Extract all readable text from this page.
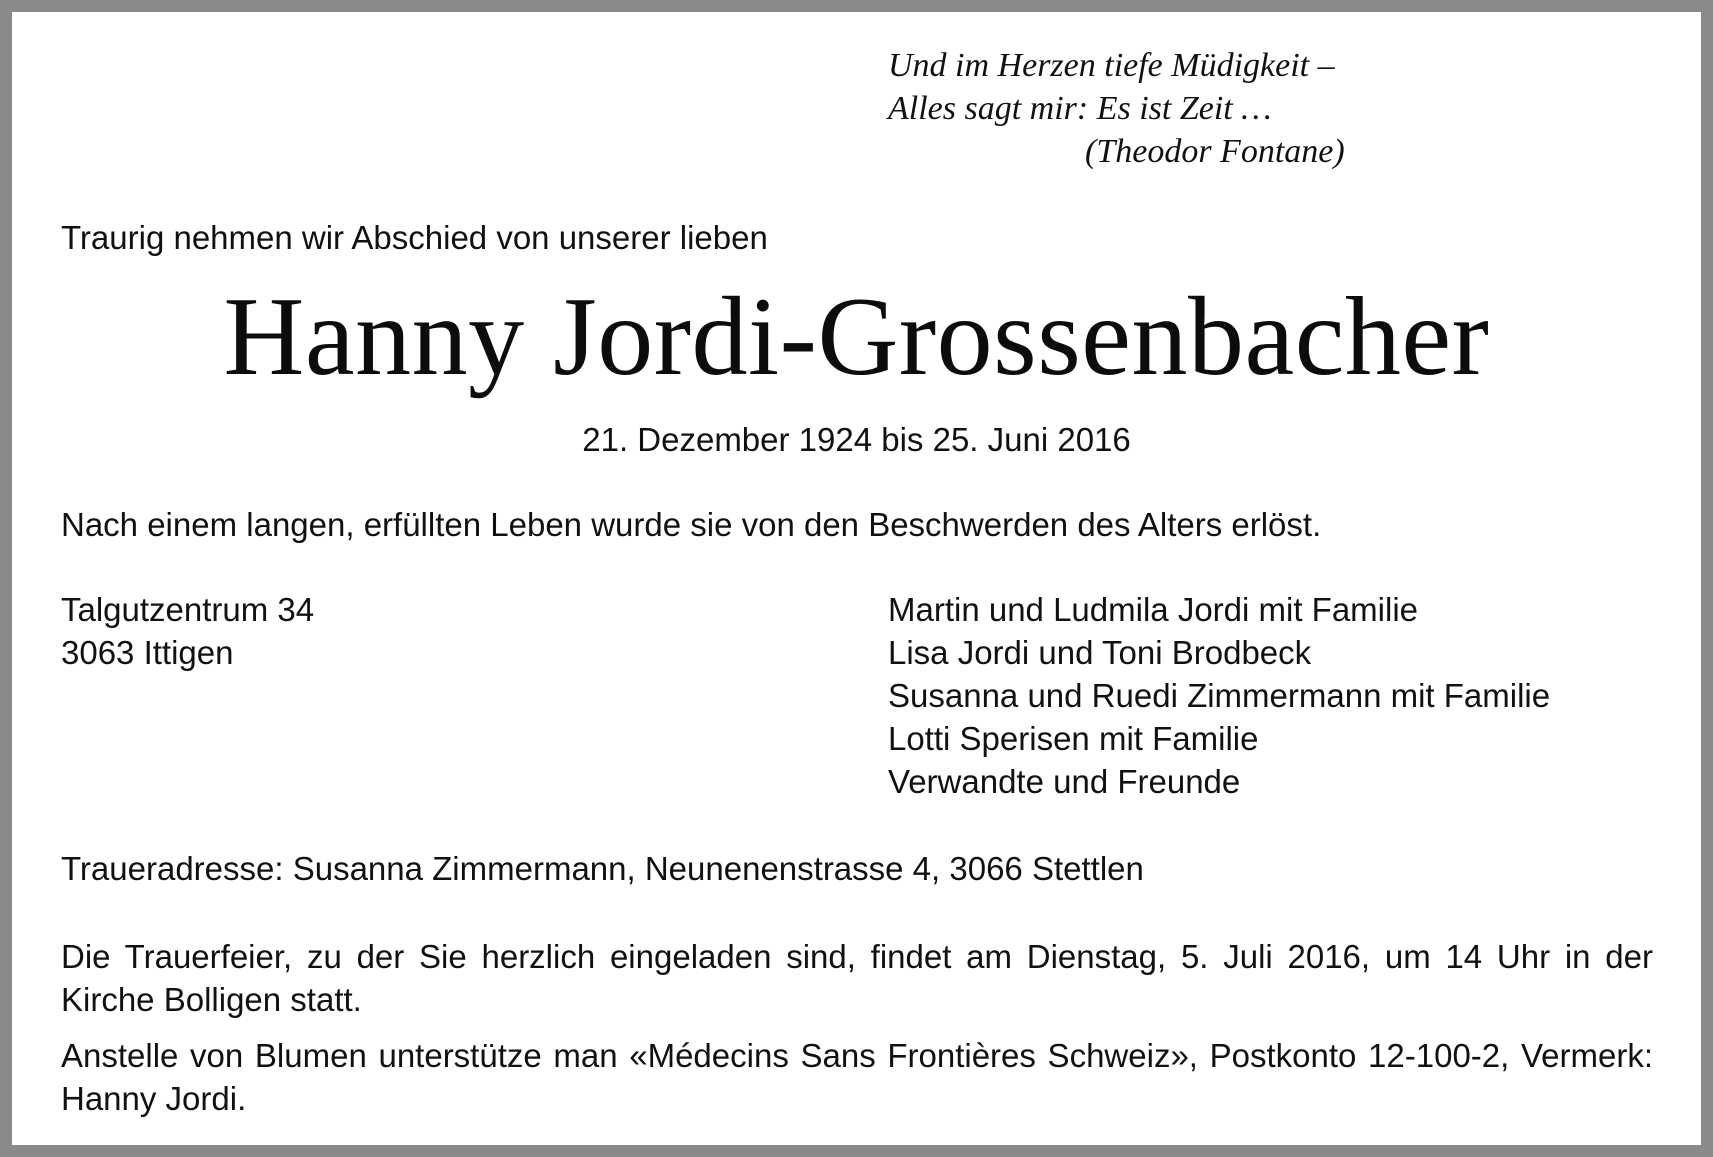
Und im Herzen tiefe Müdigkeit –
Alles sagt mir: Es ist Zeit …
(Theodor Fontane)

Traurig nehmen wir Abschied von unserer lieben

Hanny Jordi-Grossenbacher
21. Dezember 1924 bis 25. Juni 2016

Nach einem langen, erfüllten Leben wurde sie von den Beschwerden des Alters erlöst.

Talgutzentrum 34
3063 Ittigen
Martin und Ludmila Jordi mit Familie
Lisa Jordi und Toni Brodbeck
Susanna und Ruedi Zimmermann mit Familie
Lotti Sperisen mit Familie
Verwandte und Freunde

Traueradresse: Susanna Zimmermann, Neunenenstrasse 4, 3066 Stettlen

Die Trauerfeier, zu der Sie herzlich eingeladen sind, findet am Dienstag, 5. Juli 2016, um 14 Uhr in der Kirche Bolligen statt.

Anstelle von Blumen unterstütze man «Médecins Sans Frontières Schweiz», Postkonto 12-100-2, Vermerk: Hanny Jordi.
